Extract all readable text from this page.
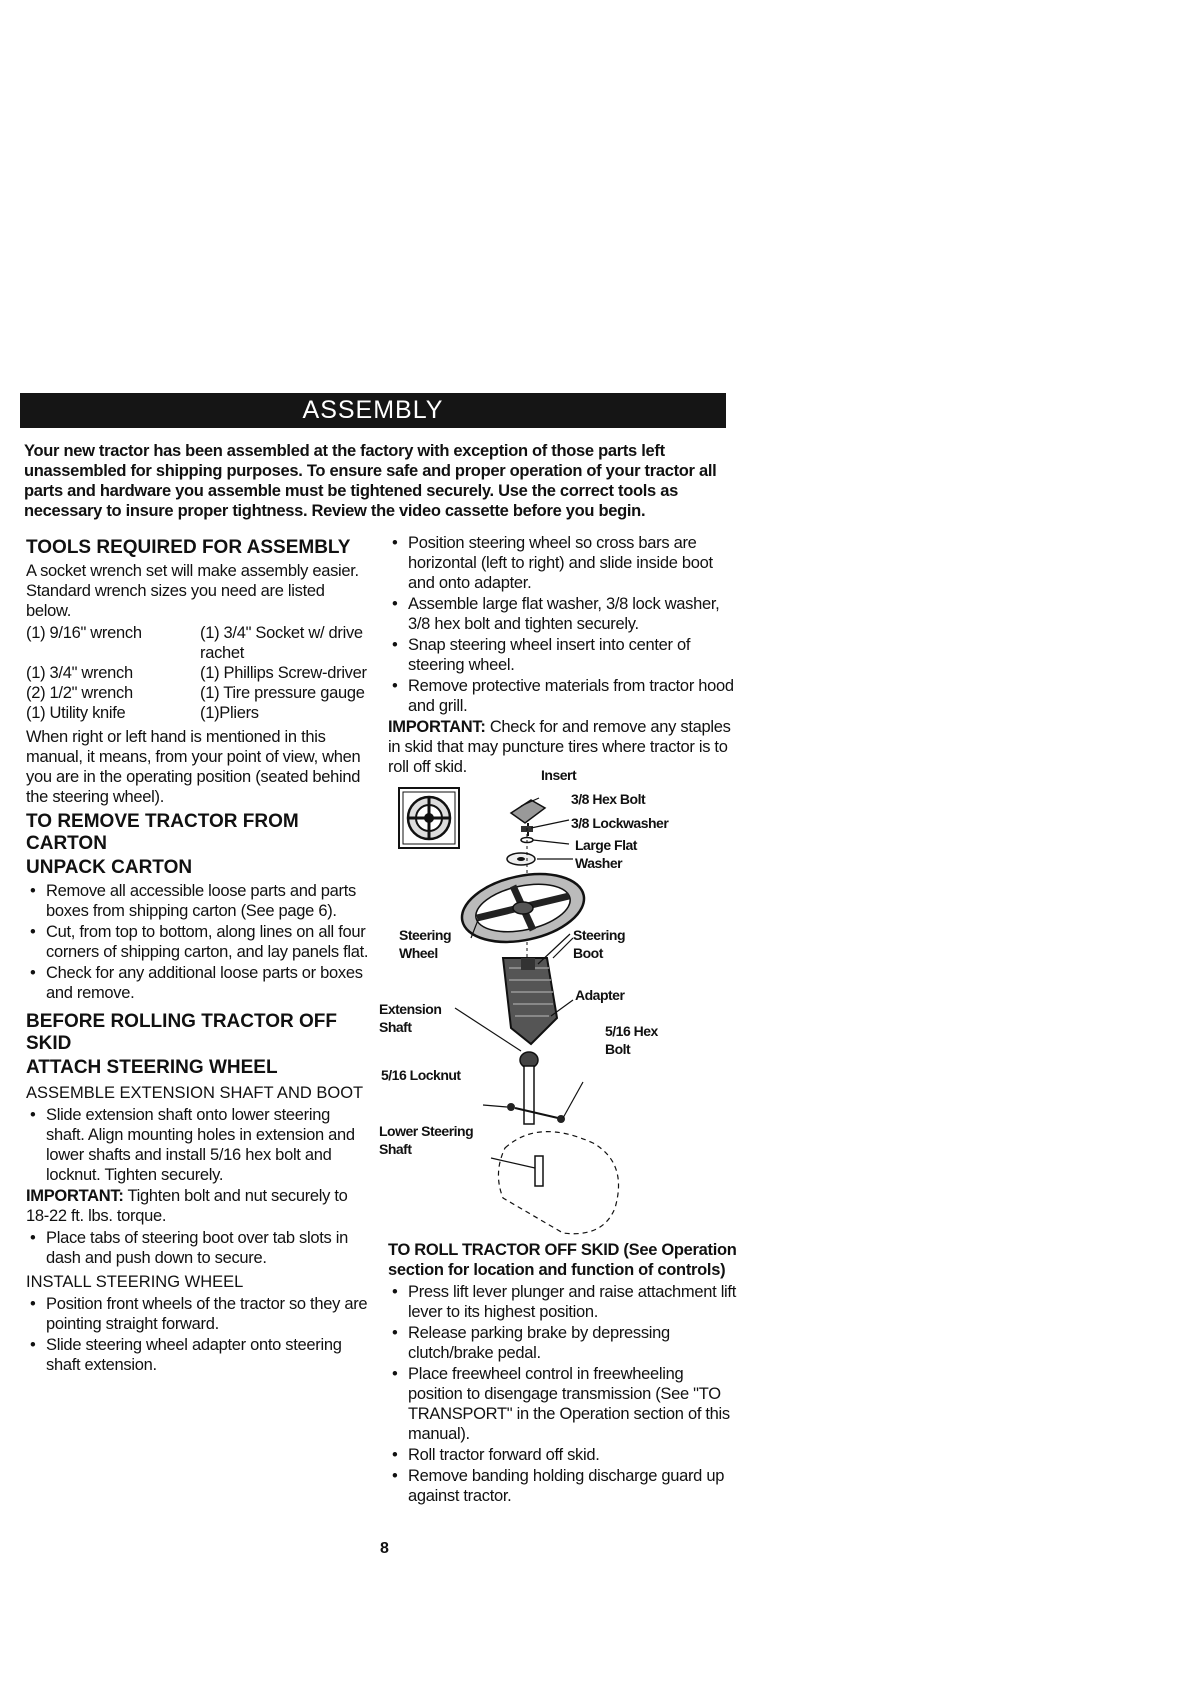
ASSEMBLY
Your new tractor has been assembled at the factory with exception of those parts left unassembled for shipping purposes. To ensure safe and proper operation of your tractor all parts and hardware you assemble must be tightened securely. Use the correct tools as necessary to insure proper tightness. Review the video cassette before you begin.
TOOLS REQUIRED FOR ASSEMBLY

A socket wrench set will make assembly easier. Standard wrench sizes you need are listed below.

(1) 9/16" wrench	(1) 3/4" Socket w/ drive rachet
(1) 3/4" wrench	(1) Phillips Screw-driver
(2) 1/2" wrench	(1) Tire pressure gauge
(1) Utility knife	(1)Pliers

When right or left hand is mentioned in this manual, it means, from your point of view, when you are in the operating position (seated behind the steering wheel).

TO REMOVE TRACTOR FROM CARTON
UNPACK CARTON
• Remove all accessible loose parts and parts boxes from shipping carton (See page 6).
• Cut, from top to bottom, along lines on all four corners of shipping carton, and lay panels flat.
• Check for any additional loose parts or boxes and remove.
BEFORE ROLLING TRACTOR OFF SKID
ATTACH STEERING WHEEL
ASSEMBLE EXTENSION SHAFT AND BOOT
• Slide extension shaft onto lower steering shaft. Align mounting holes in extension and lower shafts and install 5/16 hex bolt and locknut. Tighten securely.

IMPORTANT: Tighten bolt and nut securely to 18-22 ft. lbs. torque.

• Place tabs of steering boot over tab slots in dash and push down to secure.
INSTALL STEERING WHEEL
• Position front wheels of the tractor so they are pointing straight forward.
• Slide steering wheel adapter onto steering shaft extension.
• Position steering wheel so cross bars are horizontal (left to right) and slide inside boot and onto adapter.
• Assemble large flat washer, 3/8 lock washer, 3/8 hex bolt and tighten securely.
• Snap steering wheel insert into center of steering wheel.
• Remove protective materials from tractor hood and grill.

IMPORTANT: Check for and remove any staples in skid that may puncture tires where tractor is to roll off skid.	Insert
3/8 Hex Bolt
3/8 Lockwasher
Large Flat Washer
Steering Wheel
Steering Boot
Adapter
Extension Shaft	5/16 Hex Bolt
5/16 Locknut
Lower Steering Shaft

TO ROLL TRACTOR OFF SKID (See Operation section for location and function of controls)

• Press lift lever plunger and raise attachment lift lever to its highest position.
• Release parking brake by depressing clutch/brake pedal.
• Place freewheel control in freewheeling position to disengage transmission (See "TO TRANSPORT" in the Operation section of this manual).
• Roll tractor forward off skid.
• Remove banding holding discharge guard up against tractor.
8
